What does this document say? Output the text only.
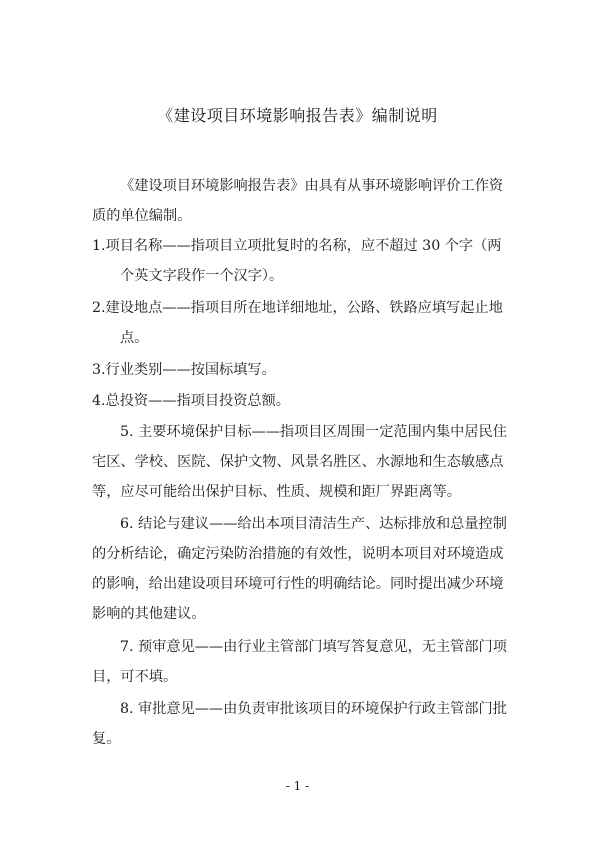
《建设项目环境影响报告表》编制说明

《建设项目环境影响报告表》由具有从事环境影响评价工作资质的单位编制。

1.项目名称——指项目立项批复时的名称，应不超过 30 个字（两个英文字段作一个汉字）。

2.建设地点——指项目所在地详细地址，公路、铁路应填写起止地点。

3.行业类别——按国标填写。

4.总投资——指项目投资总额。

5. 主要环境保护目标——指项目区周围一定范围内集中居民住宅区、学校、医院、保护文物、风景名胜区、水源地和生态敏感点等，应尽可能给出保护目标、性质、规模和距厂界距离等。

6. 结论与建议——给出本项目清洁生产、达标排放和总量控制的分析结论，确定污染防治措施的有效性，说明本项目对环境造成的影响，给出建设项目环境可行性的明确结论。同时提出减少环境影响的其他建议。

7. 预审意见——由行业主管部门填写答复意见，无主管部门项目，可不填。

8. 审批意见——由负责审批该项目的环境保护行政主管部门批复。

- 1 -
